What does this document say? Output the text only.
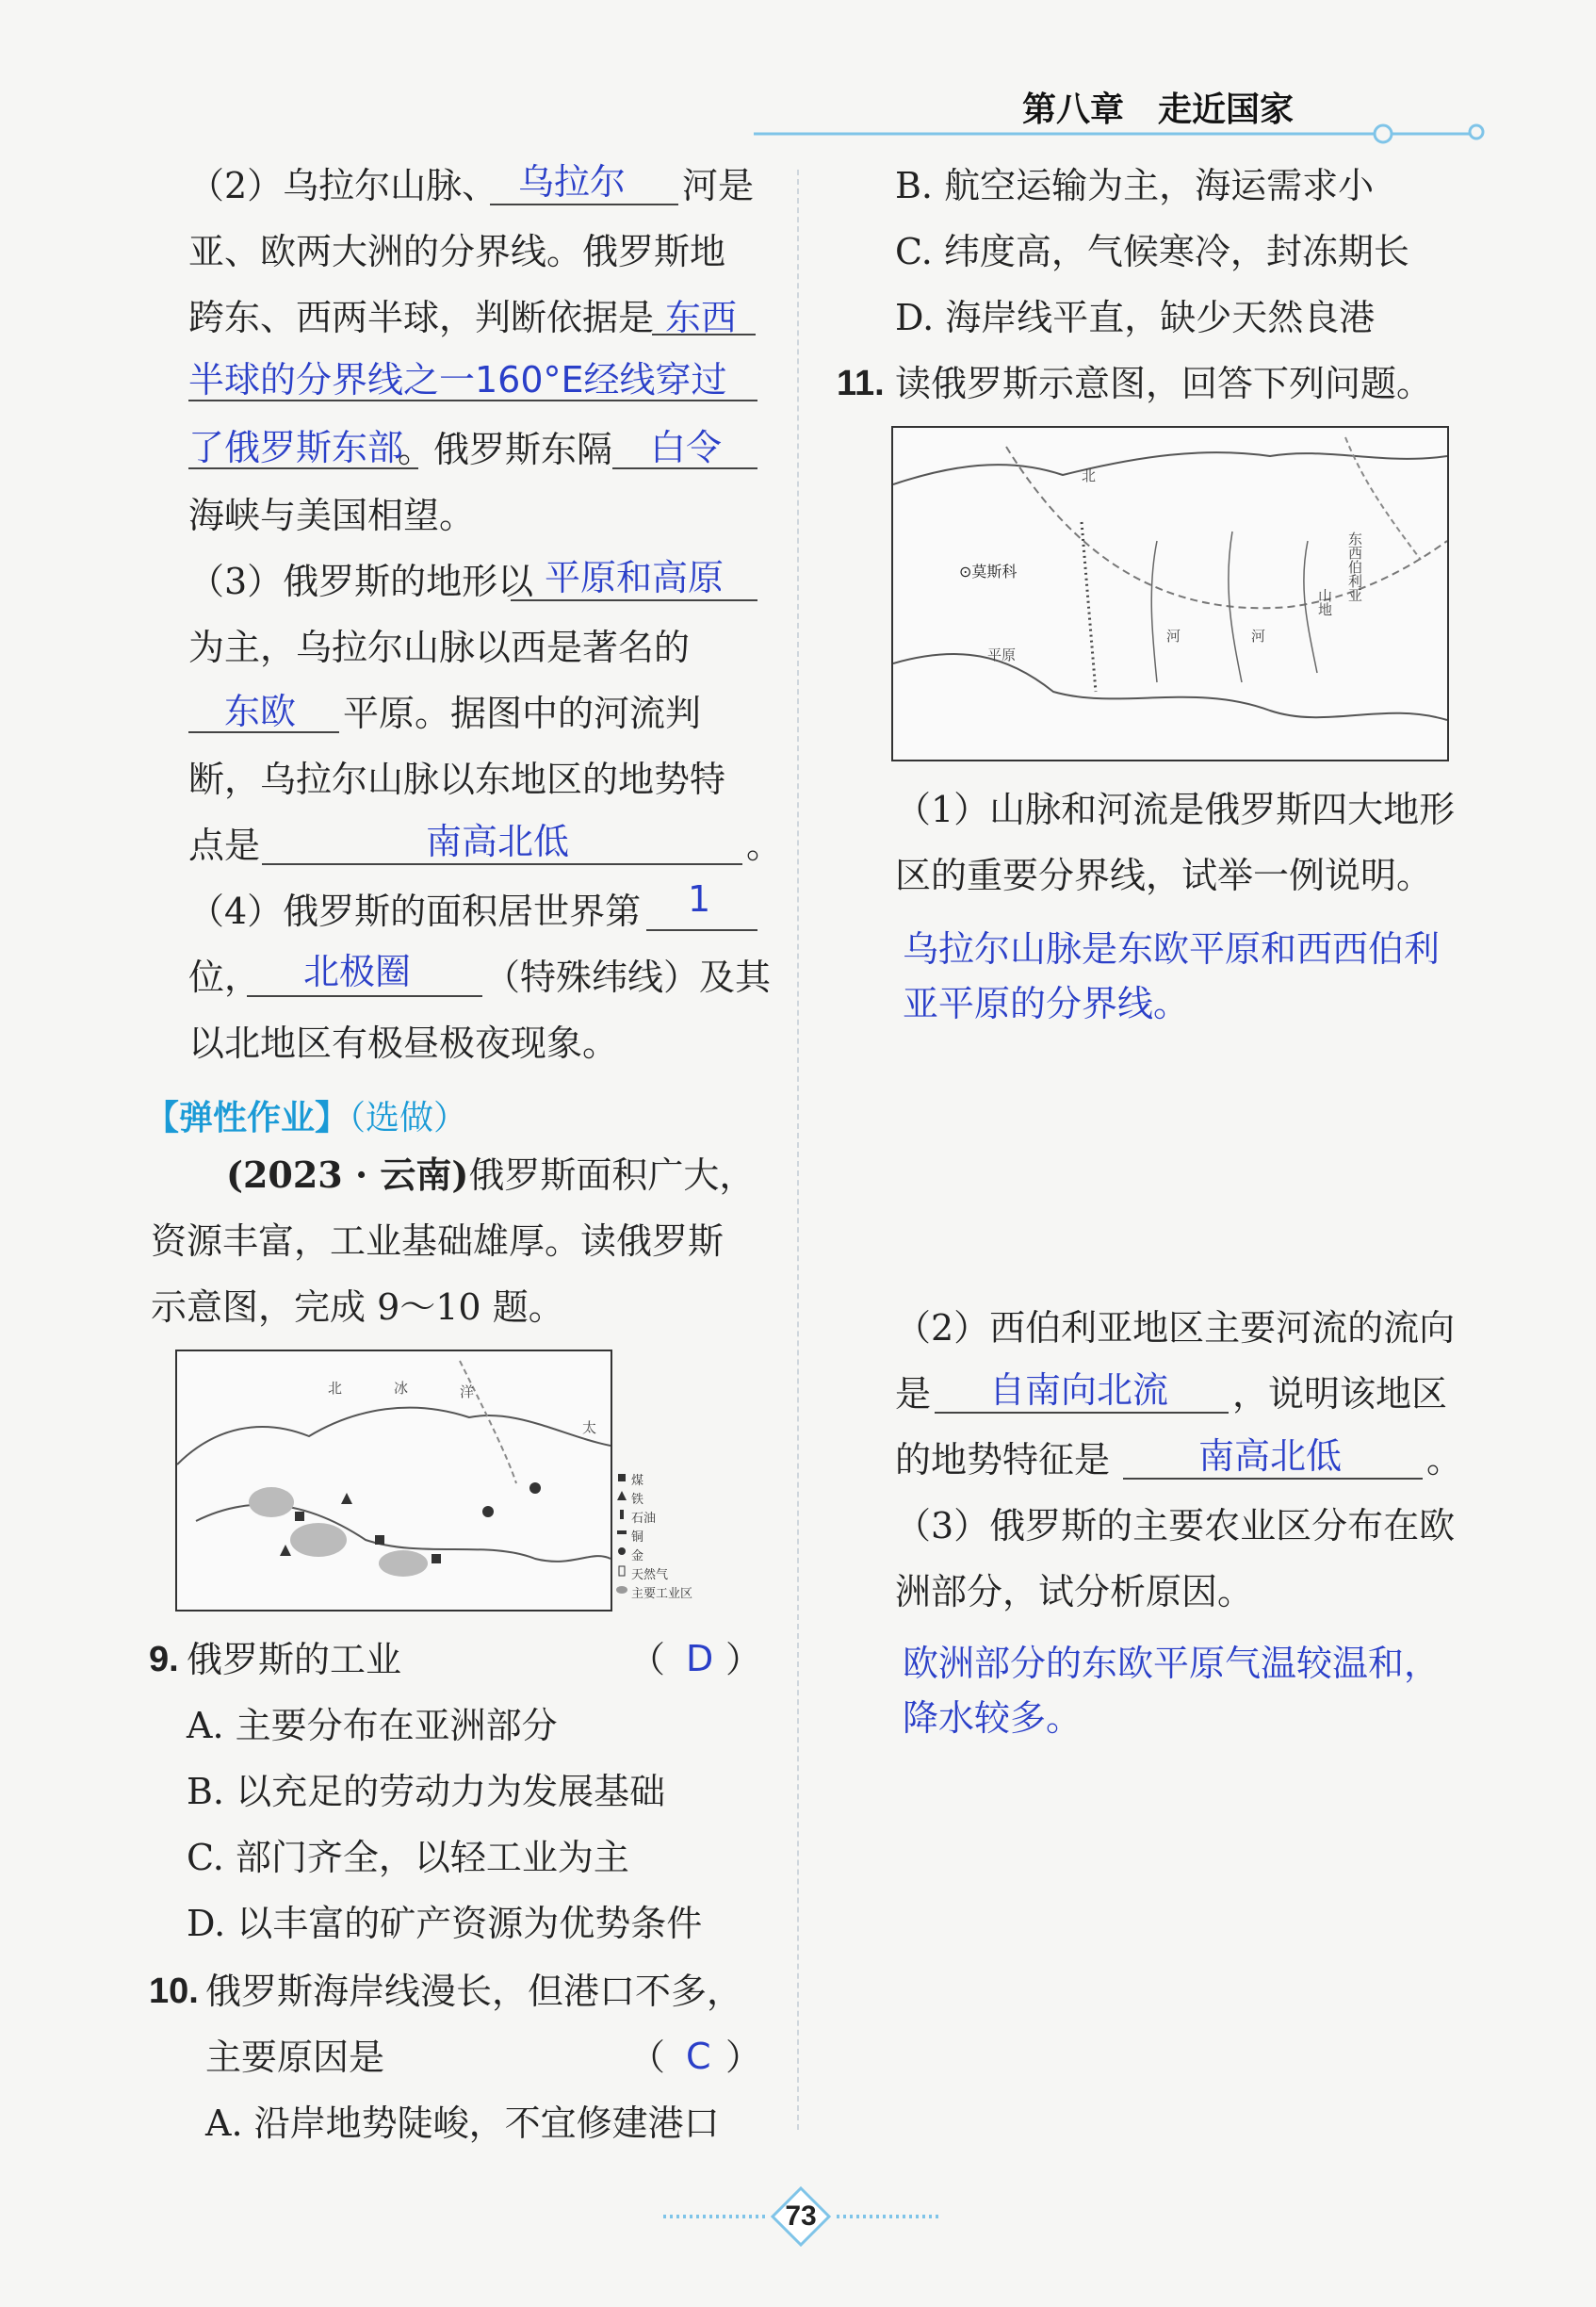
第八章　走近国家
（2）乌拉尔山脉、 乌拉尔 河是
亚、欧两大洲的分界线。俄罗斯地
跨东、西两半球，判断依据是 东西
半球的分界线之一160°E经线穿过
了俄罗斯东部
。俄罗斯东隔 白令
海峡与美国相望。
（3）俄罗斯的地形以 平原和高原
为主，乌拉尔山脉以西是著名的
东欧 平原。据图中的河流判
断，乌拉尔山脉以东地区的地势特
点是	南高北低	。
（4）俄罗斯的面积居世界第 1
位， 北极圈 （特殊纬线）及其
以北地区有极昼极夜现象。
【弹性作业】（选做）
(2023 · 云南)俄罗斯面积广大，
资源丰富，工业基础雄厚。读俄罗斯
示意图，完成 9～10 题。
北	冰	洋
太
煤
铁
石油
铜
金
天然气
主要工业区
9. 俄罗斯的工业	（ D ）
A. 主要分布在亚洲部分
B. 以充足的劳动力为发展基础
C. 部门齐全，以轻工业为主
D. 以丰富的矿产资源为优势条件
10. 俄罗斯海岸线漫长，但港口不多，
主要原因是	（ C ）
A. 沿岸地势陡峻，不宜修建港口
B. 航空运输为主，海运需求小
C. 纬度高，气候寒冷，封冻期长
D. 海岸线平直，缺少天然良港
11. 读俄罗斯示意图，回答下列问题。
⊙莫斯科
北
东西伯利亚
山地
河	河
平原
（1）山脉和河流是俄罗斯四大地形
区的重要分界线，试举一例说明。
乌拉尔山脉是东欧平原和西西伯利
亚平原的分界线。
（2）西伯利亚地区主要河流的流向
是 自南向北流 ，说明该地区
的地势特征是 南高北低 。
（3）俄罗斯的主要农业区分布在欧
洲部分，试分析原因。
欧洲部分的东欧平原气温较温和，
降水较多。
73
